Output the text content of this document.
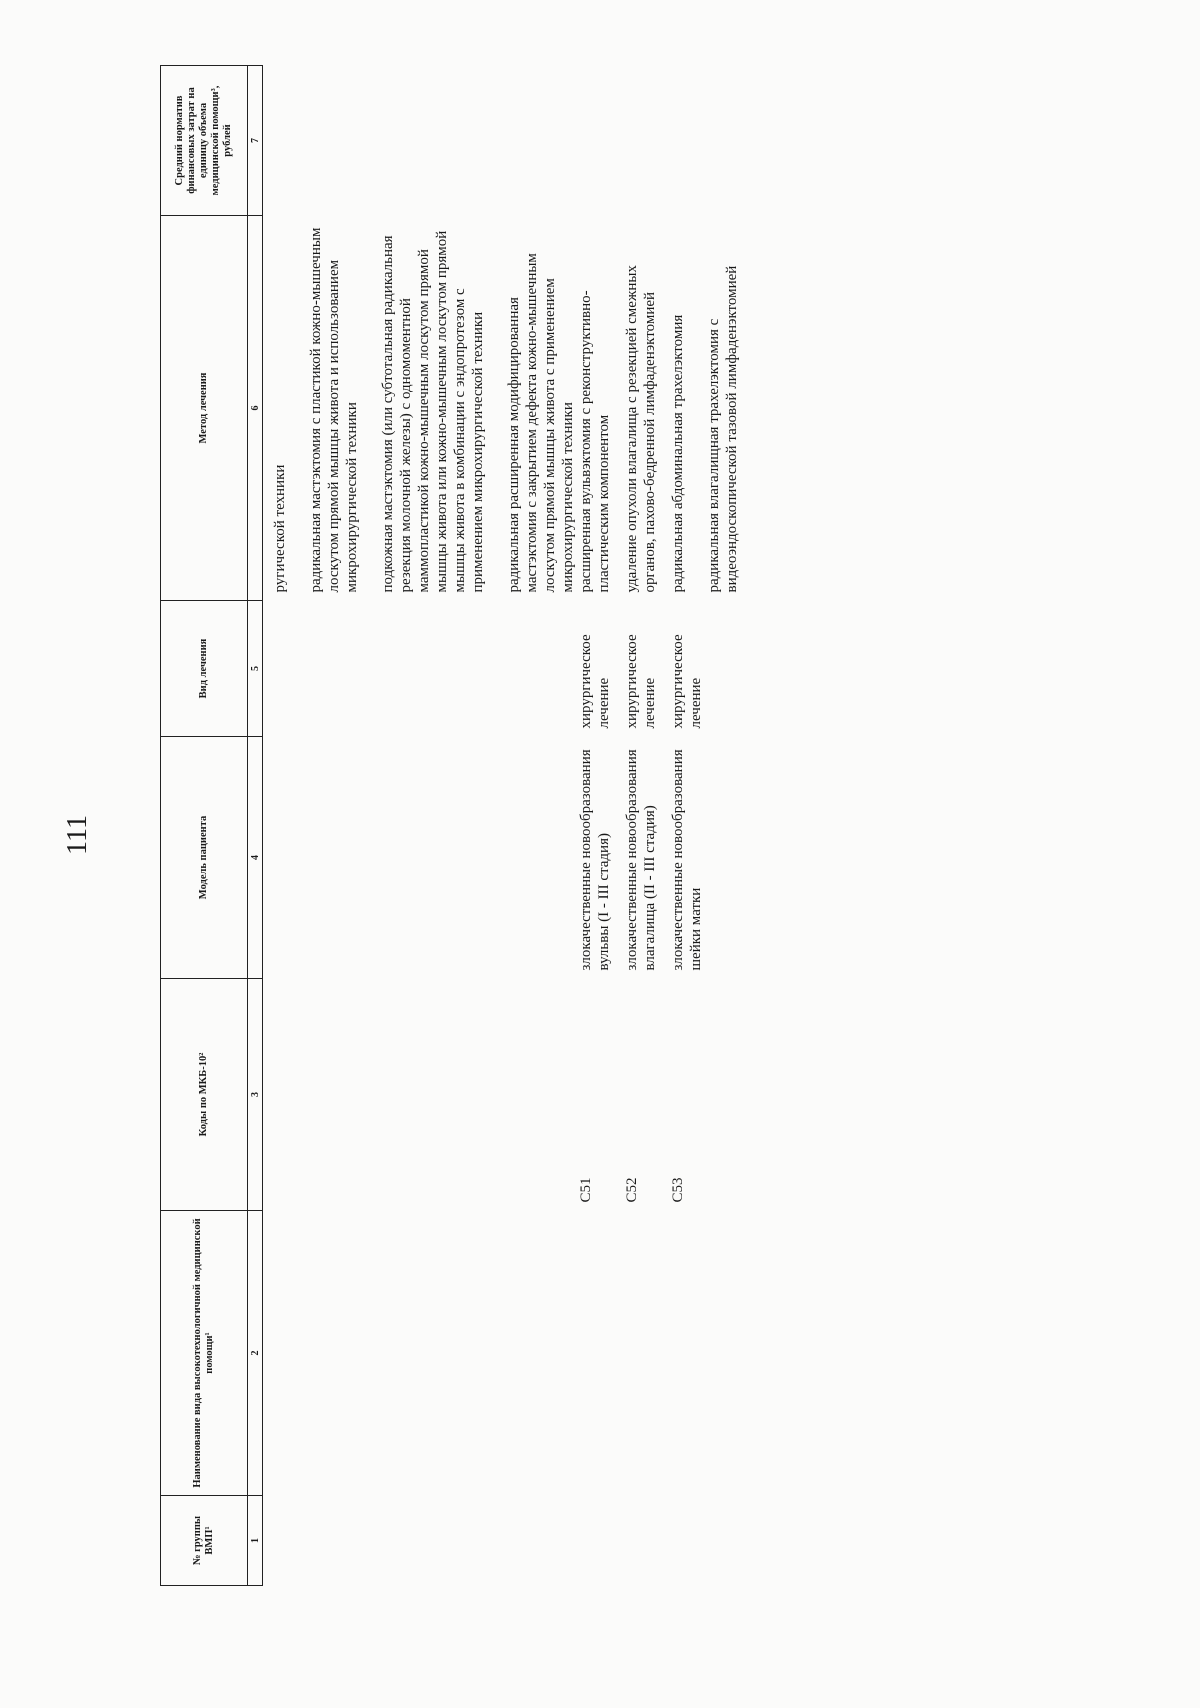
111
№ группы ВМП¹	Наименование вида высокотехнологичной медицинской помощи¹	Коды по МКБ-10²	Модель пациента	Вид лечения	Метод лечения	Средний норматив финансовых затрат на единицу объема медицинской помощи³, рублей
1	2	3	4	5	6	7

					ругической техники радикальная мастэктомия с пластикой кожно-мышечным лоскутом прямой мышцы живота и использованием микрохирургической техники подкожная мастэктомия (или субтотальная радикальная резекция молочной железы) с одномоментной маммопластикой кожно-мышечным лоскутом прямой мышцы живота или кожно-мышечным лоскутом прямой мышцы живота в комбинации с эндопротезом с применением микрохирургической техники радикальная расширенная модифицированная мастэктомия с закрытием дефекта кожно-мышечным лоскутом прямой мышцы живота с применением микрохирургической техники	

		C51	злокачественные новообразования вульвы (I - III стадия)	хирургическое лечение	расширенная вульвэктомия с реконструктивно-пластическим компонентом	

		C52	злокачественные новообразования влагалища (II - III стадия)	хирургическое лечение	удаление опухоли влагалища с резекцией смежных органов, пахово-бедренной лимфаденэктомией	

		C53	злокачественные новообразования шейки матки	хирургическое лечение	радикальная абдоминальная трахелэктомия радикальная влагалищная трахелэктомия с видеоэндоскопической тазовой лимфаденэктомией	
